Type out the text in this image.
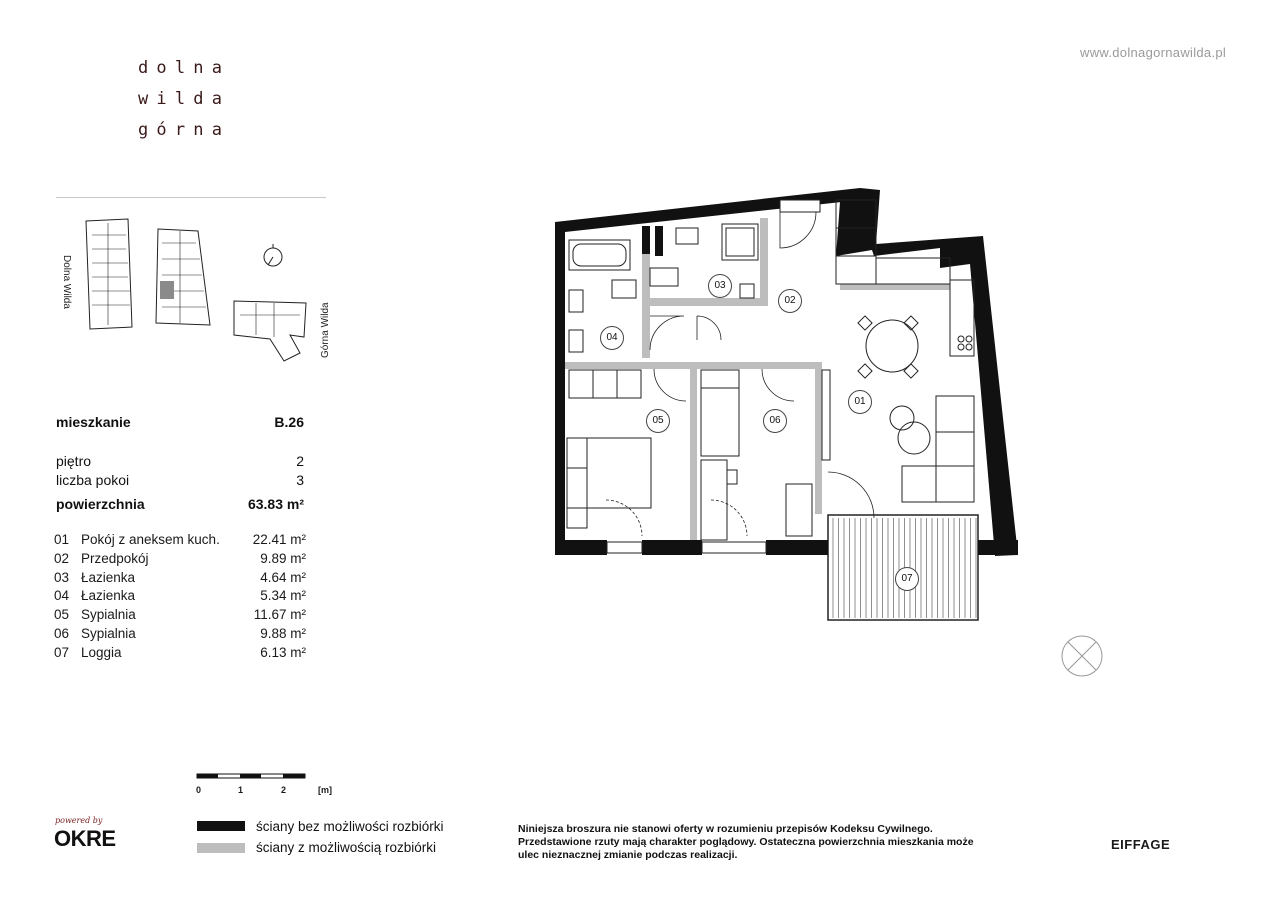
dolna
wilda
górna
www.dolnagornawilda.pl
Dolna Wilda
Górna Wilda
mieszkanie	B.26
piętro	2
liczba pokoi	3
powierzchnia	63.83 m²
01 Pokój z aneksem kuch. 22.41 m²
02 Przedpokój	9.89 m²
03 Łazienka	4.64 m²
04 Łazienka	5.34 m²
05 Sypialnia	11.67 m²
06 Sypialnia	9.88 m²
07 Loggia	6.13 m²
01
02
03
04
05	06
07
0	1	2	[m]
ściany bez możliwości rozbiórki
ściany z możliwością rozbiórki
Niniejsza broszura nie stanowi oferty w rozumieniu przepisów Kodeksu Cywilnego.
Przedstawione rzuty mają charakter poglądowy. Ostateczna powierzchnia mieszkania może
ulec nieznacznej zmianie podczas realizacji.
EIFFAGE
powered by
OKRE
